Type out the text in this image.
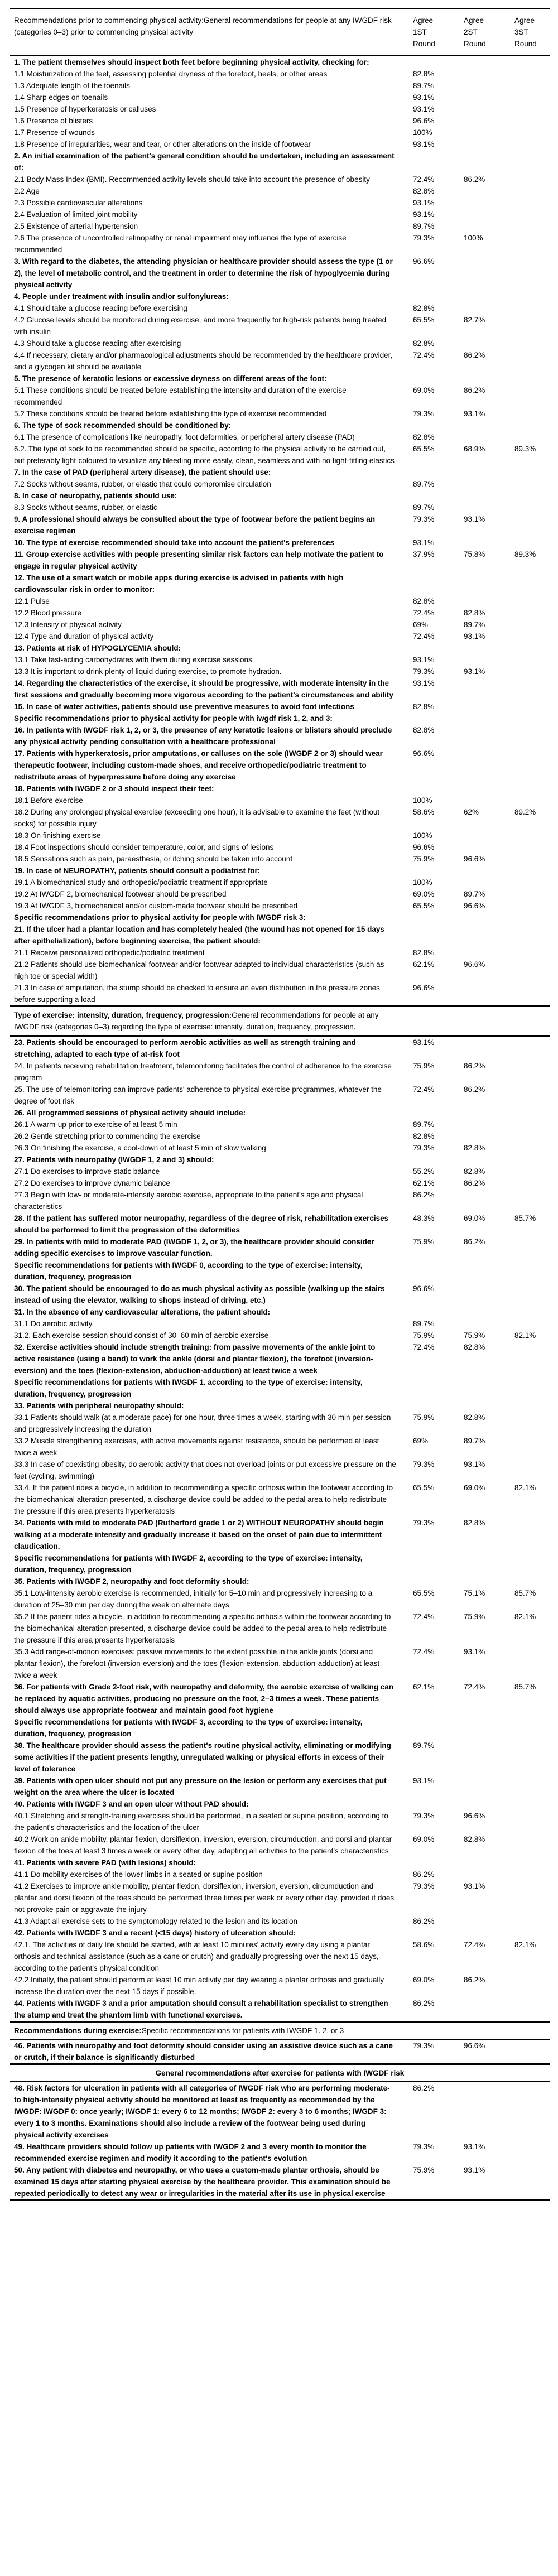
Recommendations prior to commencing physical activity:General recommendations for people at any IWGDF risk (categories 0–3) prior to commencing physical activity
Agree 1ST Round
Agree 2ST Round
Agree 3ST Round
1. The patient themselves should inspect both feet before beginning physical activity, checking for:
1.1 Moisturization of the feet, assessing potential dryness of the forefoot, heels, or other areas	82.8%
1.3 Adequate length of the toenails	89.7%
1.4 Sharp edges on toenails	93.1%
1.5 Presence of hyperkeratosis or calluses	93.1%
1.6 Presence of blisters	96.6%
1.7 Presence of wounds	100%
1.8 Presence of irregularities, wear and tear, or other alterations on the inside of footwear	93.1%
2. An initial examination of the patient's general condition should be undertaken, including an assessment of:
2.1 Body Mass Index (BMI). Recommended activity levels should take into account the presence of obesity	72.4%	86.2%
2.2 Age	82.8%
2.3 Possible cardiovascular alterations	93.1%
2.4 Evaluation of limited joint mobility	93.1%
2.5 Existence of arterial hypertension	89.7%
2.6 The presence of uncontrolled retinopathy or renal impairment may influence the type of exercise recommended
79.3%	100%
3. With regard to the diabetes, the attending physician or healthcare provider should assess the type (1 or 2), the level of metabolic control, and the treatment in order to determine the risk of hypoglycemia during physical activity
96.6%
4. People under treatment with insulin and/or sulfonylureas:
4.1 Should take a glucose reading before exercising	82.8%
4.2 Glucose levels should be monitored during exercise, and more frequently for high-risk patients being treated with insulin
65.5%	82.7%
4.3 Should take a glucose reading after exercising	82.8%
4.4 If necessary, dietary and/or pharmacological adjustments should be recommended by the healthcare provider, and a glycogen kit should be available
72.4%	86.2%
5. The presence of keratotic lesions or excessive dryness on different areas of the foot:
5.1 These conditions should be treated before establishing the intensity and duration of the exercise recommended
69.0%	86.2%
5.2 These conditions should be treated before establishing the type of exercise recommended	79.3%	93.1%
6. The type of sock recommended should be conditioned by:
6.1 The presence of complications like neuropathy, foot deformities, or peripheral artery disease (PAD)	82.8%
6.2. The type of sock to be recommended should be specific, according to the physical activity to be carried out, but preferably light-coloured to visualize any bleeding more easily, clean, seamless and with no tight-fitting elastics
65.5%	68.9%	89.3%
7. In the case of PAD (peripheral artery disease), the patient should use:
7.2 Socks without seams, rubber, or elastic that could compromise circulation	89.7%
8. In case of neuropathy, patients should use:
8.3 Socks without seams, rubber, or elastic	89.7%
9. A professional should always be consulted about the type of footwear before the patient begins an exercise regimen
79.3%	93.1%
10. The type of exercise recommended should take into account the patient's preferences	93.1%
11. Group exercise activities with people presenting similar risk factors can help motivate the patient to engage in regular physical activity
37.9%	75.8%	89.3%
12. The use of a smart watch or mobile apps during exercise is advised in patients with high cardiovascular risk in order to monitor:
12.1 Pulse	82.8%
12.2 Blood pressure	72.4%	82.8%
12.3 Intensity of physical activity	69%	89.7%
12.4 Type and duration of physical activity	72.4%	93.1%
13. Patients at risk of HYPOGLYCEMIA should:
13.1 Take fast-acting carbohydrates with them during exercise sessions	93.1%
13.3 It is important to drink plenty of liquid during exercise, to promote hydration.	79.3%	93.1%
14. Regarding the characteristics of the exercise, it should be progressive, with moderate intensity in the first sessions and gradually becoming more vigorous according to the patient's circumstances and ability
93.1%
15. In case of water activities, patients should use preventive measures to avoid foot infections	82.8%
Specific recommendations prior to physical activity for people with iwgdf risk 1, 2, and 3:
16. In patients with IWGDF risk 1, 2, or 3, the presence of any keratotic lesions or blisters should preclude any physical activity pending consultation with a healthcare professional
82.8%
17. Patients with hyperkeratosis, prior amputations, or calluses on the sole (IWGDF 2 or 3) should wear therapeutic footwear, including custom-made shoes, and receive orthopedic/podiatric treatment to redistribute areas of hyperpressure before doing any exercise
96.6%
18. Patients with IWGDF 2 or 3 should inspect their feet:
18.1 Before exercise	100%
18.2 During any prolonged physical exercise (exceeding one hour), it is advisable to examine the feet (without socks) for possible injury
58.6%	62%	89.2%
18.3 On finishing exercise	100%
18.4 Foot inspections should consider temperature, color, and signs of lesions	96.6%
18.5 Sensations such as pain, paraesthesia, or itching should be taken into account	75.9%	96.6%
19. In case of NEUROPATHY, patients should consult a podiatrist for:
19.1 A biomechanical study and orthopedic/podiatric treatment if appropriate	100%
19.2 At IWGDF 2, biomechanical footwear should be prescribed	69.0%	89.7%
19.3 At IWGDF 3, biomechanical and/or custom-made footwear should be prescribed	65.5%	96.6%
Specific recommendations prior to physical activity for people with IWGDF risk 3:
21. If the ulcer had a plantar location and has completely healed (the wound has not opened for 15 days after epithelialization), before beginning exercise, the patient should:
21.1 Receive personalized orthopedic/podiatric treatment	82.8%
21.2 Patients should use biomechanical footwear and/or footwear adapted to individual characteristics (such as high toe or special width)
62.1%	96.6%
21.3 In case of amputation, the stump should be checked to ensure an even distribution in the pressure zones before supporting a load
96.6%
Type of exercise: intensity, duration, frequency, progression:General recommendations for people at any IWGDF risk (categories 0–3) regarding the type of exercise: intensity, duration, frequency, progression.
23. Patients should be encouraged to perform aerobic activities as well as strength training and stretching, adapted to each type of at-risk foot
93.1%
24. In patients receiving rehabilitation treatment, telemonitoring facilitates the control of adherence to the exercise program
75.9%	86.2%
25. The use of telemonitoring can improve patients' adherence to physical exercise programmes, whatever the degree of foot risk
72.4%	86.2%
26. All programmed sessions of physical activity should include:
26.1 A warm-up prior to exercise of at least 5 min	89.7%
26.2 Gentle stretching prior to commencing the exercise	82.8%
26.3 On finishing the exercise, a cool-down of at least 5 min of slow walking	79.3%	82.8%
27. Patients with neuropathy (IWGDF 1, 2 and 3) should:
27.1 Do exercises to improve static balance	55.2%	82.8%
27.2 Do exercises to improve dynamic balance	62.1%	86.2%
27.3 Begin with low- or moderate-intensity aerobic exercise, appropriate to the patient's age and physical characteristics
86.2%
28. If the patient has suffered motor neuropathy, regardless of the degree of risk, rehabilitation exercises should be performed to limit the progression of the deformities
48.3%	69.0%	85.7%
29. In patients with mild to moderate PAD (IWGDF 1, 2, or 3), the healthcare provider should consider adding specific exercises to improve vascular function.
75.9%	86.2%
Specific recommendations for patients with IWGDF 0, according to the type of exercise: intensity, duration, frequency, progression
30. The patient should be encouraged to do as much physical activity as possible (walking up the stairs instead of using the elevator, walking to shops instead of driving, etc.)
96.6%
31. In the absence of any cardiovascular alterations, the patient should:
31.1 Do aerobic activity	89.7%
31.2. Each exercise session should consist of 30–60 min of aerobic exercise	75.9%	75.9%	82.1%
32. Exercise activities should include strength training: from passive movements of the ankle joint to active resistance (using a band) to work the ankle (dorsi and plantar flexion), the forefoot (inversion-eversion) and the toes (flexion-extension, abduction-adduction) at least twice a week
72.4%	82.8%
Specific recommendations for patients with IWGDF 1. according to the type of exercise: intensity, duration, frequency, progression
33. Patients with peripheral neuropathy should:
33.1 Patients should walk (at a moderate pace) for one hour, three times a week, starting with 30 min per session and progressively increasing the duration
75.9%	82.8%
33.2 Muscle strengthening exercises, with active movements against resistance, should be performed at least twice a week
69%	89.7%
33.3 In case of coexisting obesity, do aerobic activity that does not overload joints or put excessive pressure on the feet (cycling, swimming)
79.3%	93.1%
33.4. If the patient rides a bicycle, in addition to recommending a specific orthosis within the footwear according to the biomechanical alteration presented, a discharge device could be added to the pedal area to help redistribute the pressure if this area presents hyperkeratosis
65.5%	69.0%	82.1%
34. Patients with mild to moderate PAD (Rutherford grade 1 or 2) WITHOUT NEUROPATHY should begin walking at a moderate intensity and gradually increase it based on the onset of pain due to intermittent claudication.
79.3%	82.8%
Specific recommendations for patients with IWGDF 2, according to the type of exercise: intensity, duration, frequency, progression
35. Patients with IWGDF 2, neuropathy and foot deformity should:
35.1 Low-intensity aerobic exercise is recommended, initially for 5–10 min and progressively increasing to a duration of 25–30 min per day during the week on alternate days
65.5%	75.1%	85.7%
35.2 If the patient rides a bicycle, in addition to recommending a specific orthosis within the footwear according to the biomechanical alteration presented, a discharge device could be added to the pedal area to help redistribute the pressure if this area presents hyperkeratosis
72.4%	75.9%	82.1%
35.3 Add range-of-motion exercises: passive movements to the extent possible in the ankle joints (dorsi and plantar flexion), the forefoot (inversion-eversion) and the toes (flexion-extension, abduction-adduction) at least twice a week
72.4%	93.1%
36. For patients with Grade 2-foot risk, with neuropathy and deformity, the aerobic exercise of walking can be replaced by aquatic activities, producing no pressure on the foot, 2–3 times a week. These patients should always use appropriate footwear and maintain good foot hygiene
62.1%	72.4%	85.7%
Specific recommendations for patients with IWGDF 3, according to the type of exercise: intensity, duration, frequency, progression
38. The healthcare provider should assess the patient's routine physical activity, eliminating or modifying some activities if the patient presents lengthy, unregulated walking or physical efforts in excess of their level of tolerance
89.7%
39. Patients with open ulcer should not put any pressure on the lesion or perform any exercises that put weight on the area where the ulcer is located
93.1%
40. Patients with IWGDF 3 and an open ulcer without PAD should:
40.1 Stretching and strength-training exercises should be performed, in a seated or supine position, according to the patient's characteristics and the location of the ulcer
79.3%	96.6%
40.2 Work on ankle mobility, plantar flexion, dorsiflexion, inversion, eversion, circumduction, and dorsi and plantar flexion of the toes at least 3 times a week or every other day, adapting all activities to the patient's characteristics
69.0%	82.8%
41. Patients with severe PAD (with lesions) should:
41.1 Do mobility exercises of the lower limbs in a seated or supine position	86.2%
41.2 Exercises to improve ankle mobility, plantar flexion, dorsiflexion, inversion, eversion, circumduction and plantar and dorsi flexion of the toes should be performed three times per week or every other day, provided it does not provoke pain or aggravate the injury
79.3%	93.1%
41.3 Adapt all exercise sets to the symptomology related to the lesion and its location	86.2%
42. Patients with IWGDF 3 and a recent (<15 days) history of ulceration should:
42.1. The activities of daily life should be started, with at least 10 minutes' activity every day using a plantar orthosis and technical assistance (such as a cane or crutch) and gradually progressing over the next 15 days, according to the patient's physical condition
58.6%	72.4%	82.1%
42.2 Initially, the patient should perform at least 10 min activity per day wearing a plantar orthosis and gradually increase the duration over the next 15 days if possible.
69.0%	86.2%
44. Patients with IWGDF 3 and a prior amputation should consult a rehabilitation specialist to strengthen the stump and treat the phantom limb with functional exercises.
86.2%
Recommendations during exercise:Specific recommendations for patients with IWGDF 1. 2. or 3
46. Patients with neuropathy and foot deformity should consider using an assistive device such as a cane or crutch, if their balance is significantly disturbed
79.3%	96.6%
General recommendations after exercise for patients with IWGDF risk
48. Risk factors for ulceration in patients with all categories of IWGDF risk who are performing moderate- to high-intensity physical activity should be monitored at least as frequently as recommended by the IWGDF: IWGDF 0: once yearly; IWGDF 1: every 6 to 12 months; IWGDF 2: every 3 to 6 months; IWGDF 3: every 1 to 3 months. Examinations should also include a review of the footwear being used during physical activity exercises
86.2%
49. Healthcare providers should follow up patients with IWGDF 2 and 3 every month to monitor the recommended exercise regimen and modify it according to the patient's evolution
79.3%	93.1%
50. Any patient with diabetes and neuropathy, or who uses a custom-made plantar orthosis, should be examined 15 days after starting physical exercise by the healthcare provider. This examination should be repeated periodically to detect any wear or irregularities in the material after its use in physical exercise
75.9%	93.1%
